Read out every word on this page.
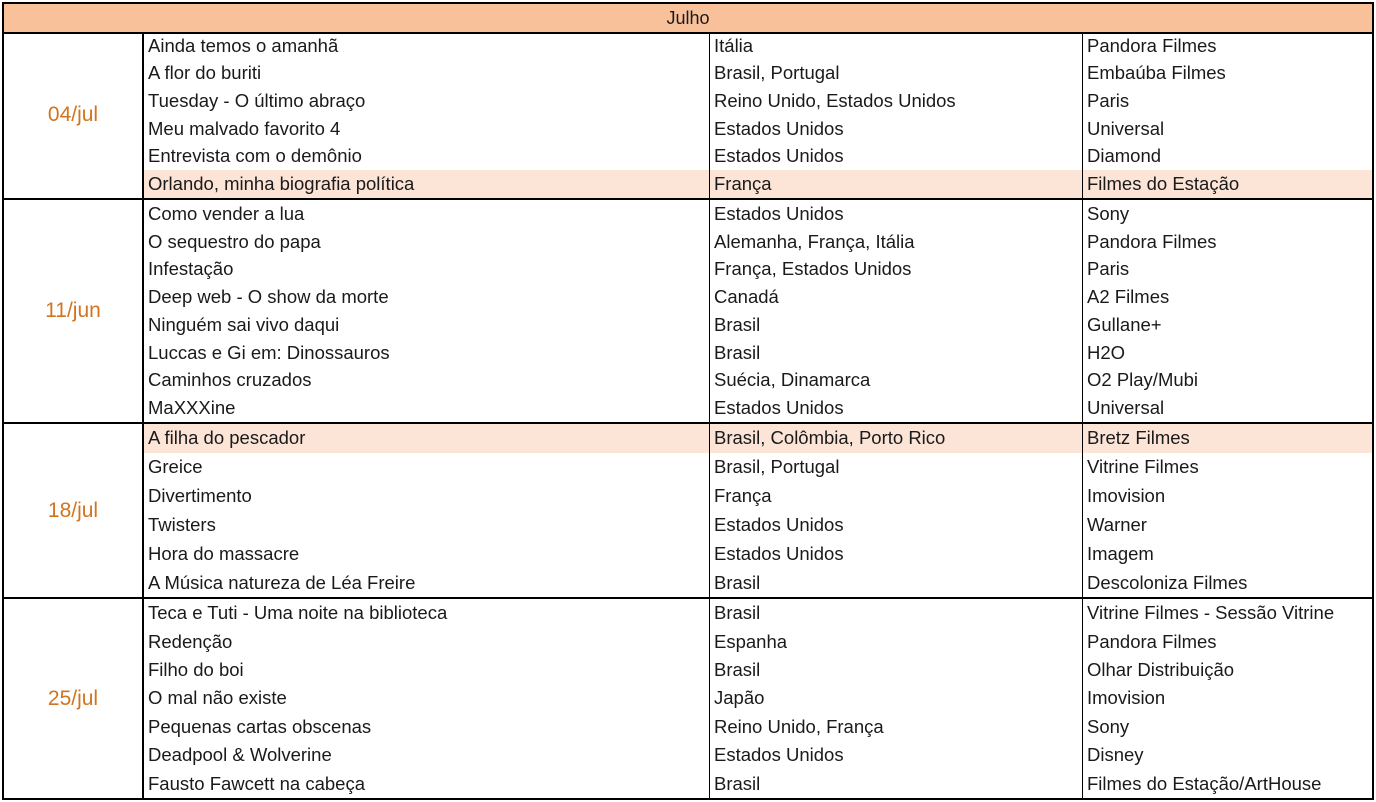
Julho
04/jul
Ainda temos o amanhã	Itália	Pandora Filmes
A flor do buriti	Brasil, Portugal	Embaúba Filmes
Tuesday - O último abraço	Reino Unido, Estados Unidos	Paris
Meu malvado favorito 4	Estados Unidos	Universal
Entrevista com o demônio	Estados Unidos	Diamond
Orlando, minha biografia política	França	Filmes do Estação
11/jun
Como vender a lua	Estados Unidos	Sony
O sequestro do papa	Alemanha, França, Itália	Pandora Filmes
Infestação	França, Estados Unidos	Paris
Deep web - O show da morte	Canadá	A2 Filmes
Ninguém sai vivo daqui	Brasil	Gullane+
Luccas e Gi em: Dinossauros	Brasil	H2O
Caminhos cruzados	Suécia, Dinamarca	O2 Play/Mubi
MaXXXine	Estados Unidos	Universal
18/jul
A filha do pescador	Brasil, Colômbia, Porto Rico	Bretz Filmes
Greice	Brasil, Portugal	Vitrine Filmes
Divertimento	França	Imovision
Twisters	Estados Unidos	Warner
Hora do massacre	Estados Unidos	Imagem
A Música natureza de Léa Freire	Brasil	Descoloniza Filmes
25/jul
Teca e Tuti - Uma noite na biblioteca	Brasil	Vitrine Filmes - Sessão Vitrine
Redenção	Espanha	Pandora Filmes
Filho do boi	Brasil	Olhar Distribuição
O mal não existe	Japão	Imovision
Pequenas cartas obscenas	Reino Unido, França	Sony
Deadpool & Wolverine	Estados Unidos	Disney
Fausto Fawcett na cabeça	Brasil	Filmes do Estação/ArtHouse
